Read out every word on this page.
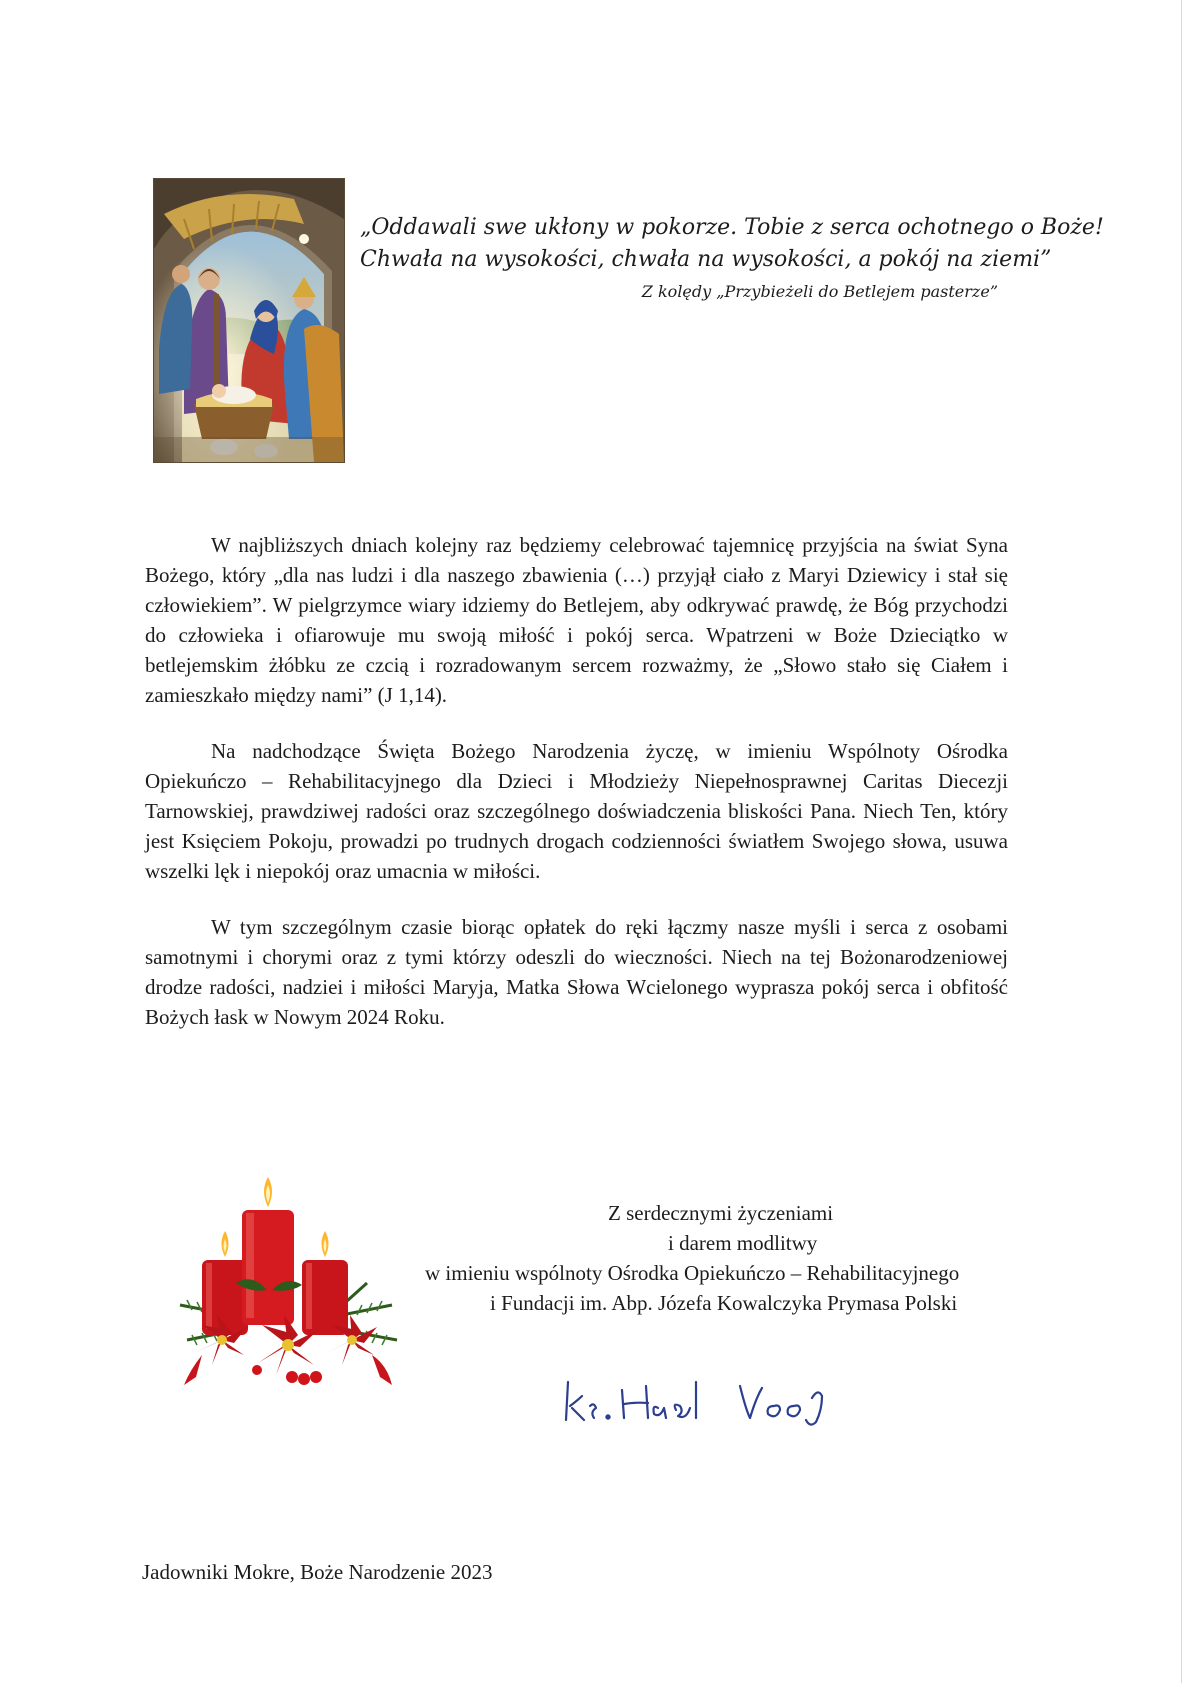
„Oddawali swe ukłony w pokorze. Tobie z serca ochotnego o Boże!
Chwała na wysokości, chwała na wysokości, a pokój na ziemi”
Z kolędy „Przybieżeli do Betlejem pasterze”

W najbliższych dniach kolejny raz będziemy celebrować tajemnicę przyjścia na świat Syna Bożego, który „dla nas ludzi i dla naszego zbawienia (…) przyjął ciało z Maryi Dziewicy i stał się człowiekiem”. W pielgrzymce wiary idziemy do Betlejem, aby odkrywać prawdę, że Bóg przychodzi do człowieka i ofiarowuje mu swoją miłość i pokój serca. Wpatrzeni w Boże Dzieciątko w betlejemskim żłóbku ze czcią i rozradowanym sercem rozważmy, że „Słowo stało się Ciałem i zamieszkało między nami” (J 1,14).

Na nadchodzące Święta Bożego Narodzenia życzę, w imieniu Wspólnoty Ośrodka Opiekuńczo – Rehabilitacyjnego dla Dzieci i Młodzieży Niepełnosprawnej Caritas Diecezji Tarnowskiej, prawdziwej radości oraz szczególnego doświadczenia bliskości Pana. Niech Ten, który jest Księciem Pokoju, prowadzi po trudnych drogach codzienności światłem Swojego słowa, usuwa wszelki lęk i niepokój oraz umacnia w miłości.

W tym szczególnym czasie biorąc opłatek do ręki łączmy nasze myśli i serca z osobami samotnymi i chorymi oraz z tymi którzy odeszli do wieczności. Niech na tej Bożonarodzeniowej drodze radości, nadziei i miłości Maryja, Matka Słowa Wcielonego wyprasza pokój serca i obfitość Bożych łask w Nowym 2024 Roku.

Z serdecznymi życzeniami
i darem modlitwy
w imieniu wspólnoty Ośrodka Opiekuńczo – Rehabilitacyjnego
i Fundacji im. Abp. Józefa Kowalczyka Prymasa Polski
Jadowniki Mokre, Boże Narodzenie 2023
